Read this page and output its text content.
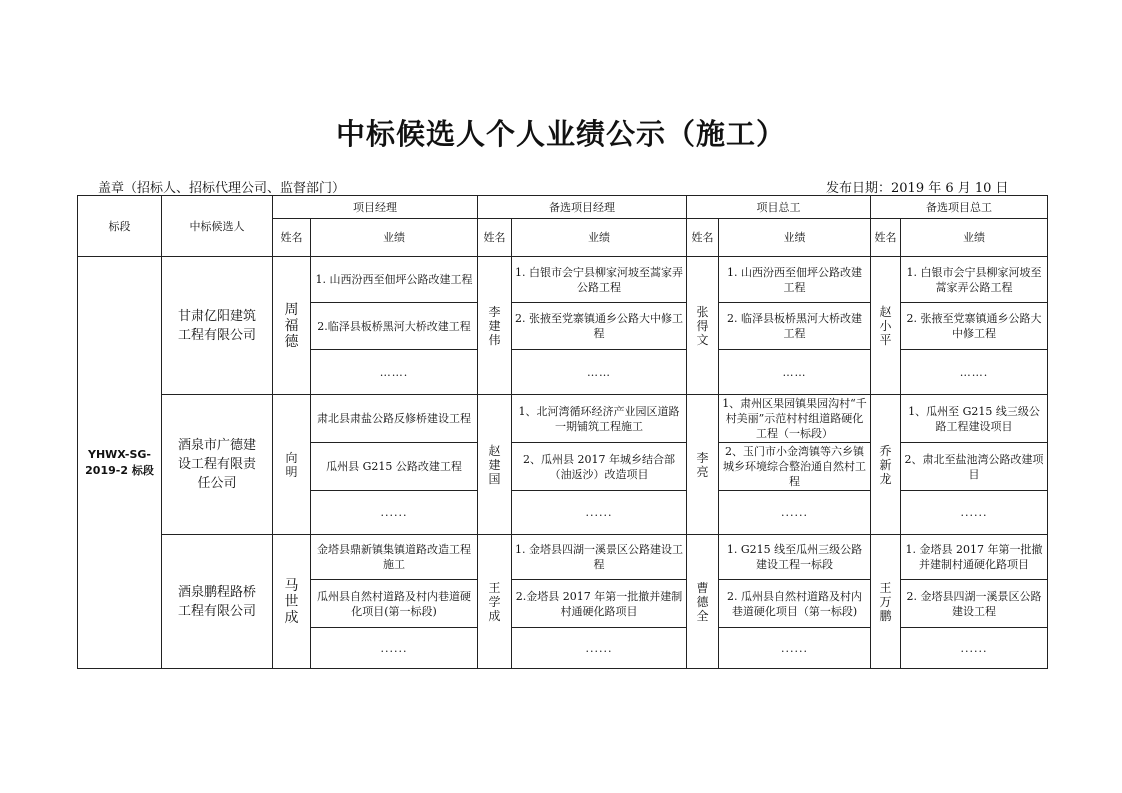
中标候选人个人业绩公示（施工）
盖章（招标人、招标代理公司、监督部门）	发布日期：2019 年 6 月 10 日
标段	中标候选人	项目经理		备选项目经理		项目总工		备选项目总工	
		姓名	业绩	姓名	业绩	姓名	业绩	姓名	业绩
YHWX-SG-2019-2 标段	甘肃亿阳建筑工程有限公司	周福德	1. 山西汾西至佃坪公路改建工程	李建伟	1. 白银市会宁县柳家河坡至蒿家弄公路工程	张得文	1. 山西汾西至佃坪公路改建工程	赵小平	1. 白银市会宁县柳家河坡至蒿家弄公路工程
			2.临泽县板桥黑河大桥改建工程		2. 张掖至党寨镇通乡公路大中修工程		2. 临泽县板桥黑河大桥改建工程		2. 张掖至党寨镇通乡公路大中修工程
			…….		……		……		…….
	酒泉市广德建设工程有限责任公司	向明	肃北县肃盐公路反修桥建设工程	赵建国	1、北河湾循环经济产业园区道路一期铺筑工程施工	李亮	1、肃州区果园镇果园沟村“千村美丽”示范村村组道路硬化工程（一标段）	乔新龙	1、瓜州至 G215 线三级公路工程建设项目
			瓜州县 G215 公路改建工程		2、瓜州县 2017 年城乡结合部（油返沙）改造项目		2、玉门市小金湾镇等六乡镇城乡环境综合整治通自然村工程		2、肃北至盐池湾公路改建项目
			......		......		......		......
	酒泉鹏程路桥工程有限公司	马世成	金塔县鼎新镇集镇道路改造工程施工	王学成	1. 金塔县四湖一溪景区公路建设工程	曹德全	1. G215 线至瓜州三级公路建设工程一标段	王万鹏	1. 金塔县 2017 年第一批撤并建制村通硬化路项目
			瓜州县自然村道路及村内巷道硬化项目(第一标段)		2.金塔县 2017 年第一批撤并建制村通硬化路项目		2. 瓜州县自然村道路及村内巷道硬化项目（第一标段)		2. 金塔县四湖一溪景区公路建设工程
			......		......		......		......
